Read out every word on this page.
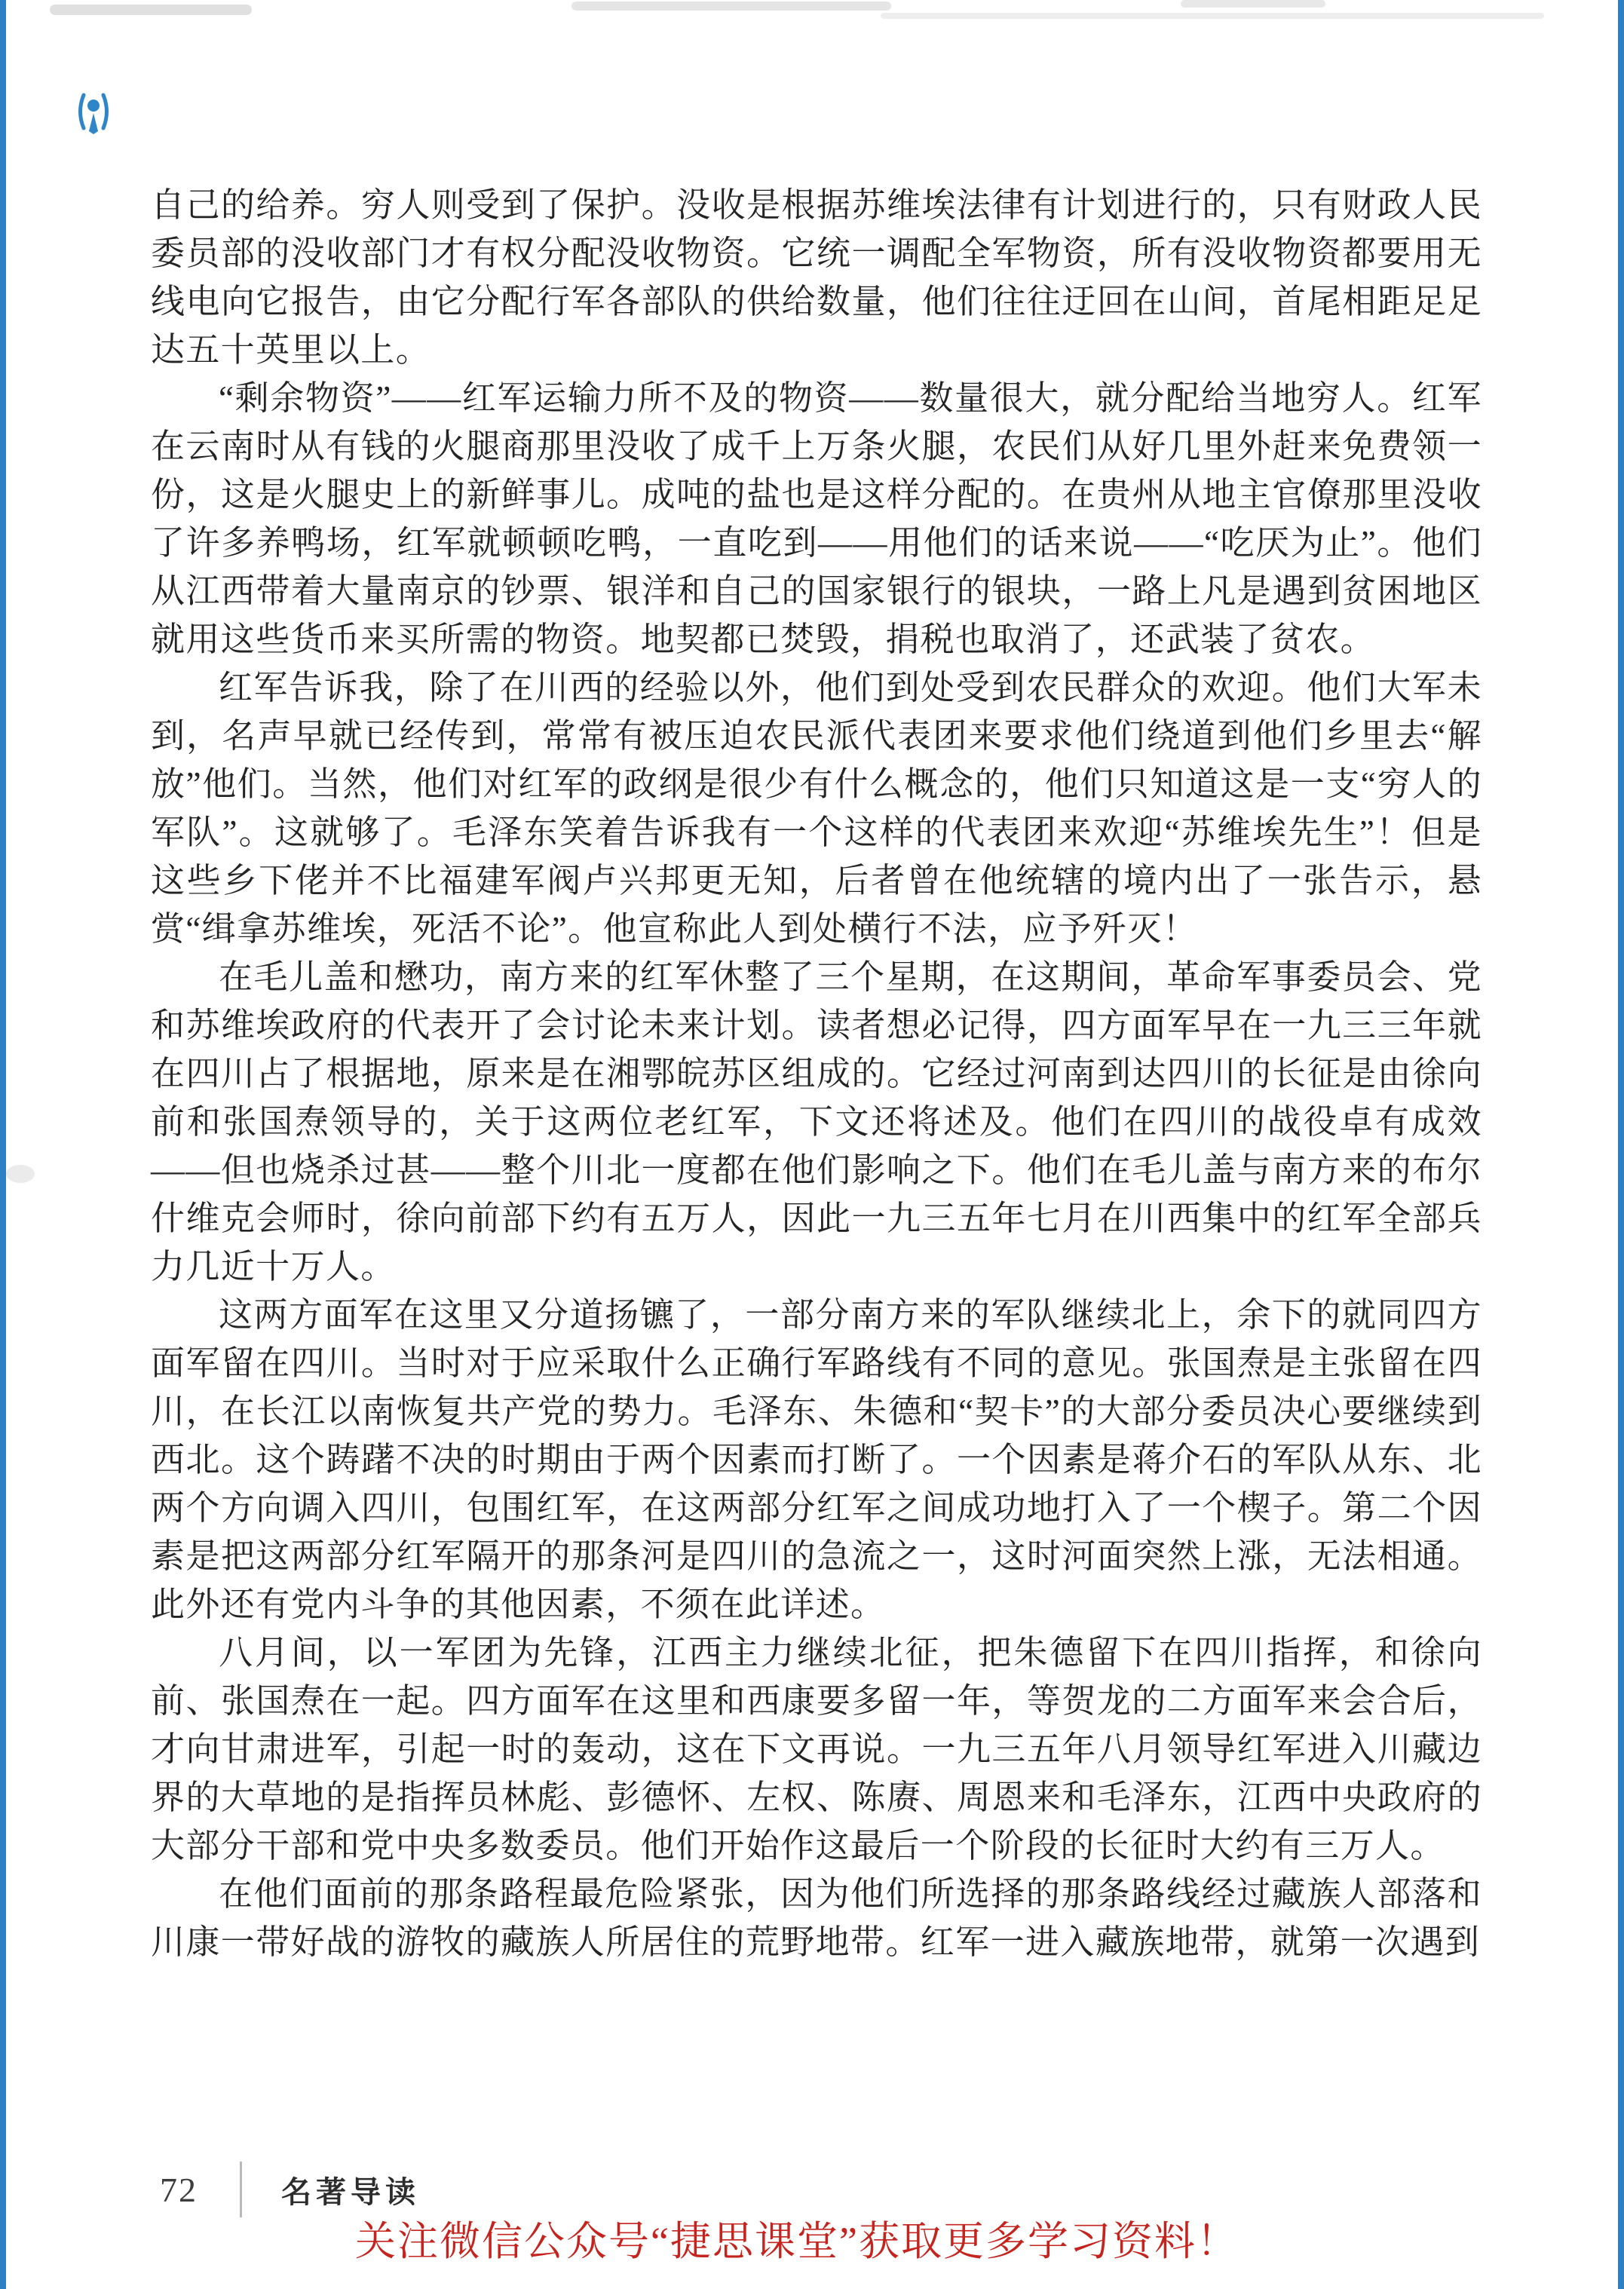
自己的给养。穷人则受到了保护。没收是根据苏维埃法律有计划进行的，只有财政人民委员部的没收部门才有权分配没收物资。它统一调配全军物资，所有没收物资都要用无线电向它报告，由它分配行军各部队的供给数量，他们往往迂回在山间，首尾相距足足达五十英里以上。

“剩余物资”——红军运输力所不及的物资——数量很大，就分配给当地穷人。红军在云南时从有钱的火腿商那里没收了成千上万条火腿，农民们从好几里外赶来免费领一份，这是火腿史上的新鲜事儿。成吨的盐也是这样分配的。在贵州从地主官僚那里没收了许多养鸭场，红军就顿顿吃鸭，一直吃到——用他们的话来说——“吃厌为止”。他们从江西带着大量南京的钞票、银洋和自己的国家银行的银块，一路上凡是遇到贫困地区就用这些货币来买所需的物资。地契都已焚毁，捐税也取消了，还武装了贫农。

红军告诉我，除了在川西的经验以外，他们到处受到农民群众的欢迎。他们大军未到，名声早就已经传到，常常有被压迫农民派代表团来要求他们绕道到他们乡里去“解放”他们。当然，他们对红军的政纲是很少有什么概念的，他们只知道这是一支“穷人的军队”。这就够了。毛泽东笑着告诉我有一个这样的代表团来欢迎“苏维埃先生”！但是这些乡下佬并不比福建军阀卢兴邦更无知，后者曾在他统辖的境内出了一张告示，悬赏“缉拿苏维埃，死活不论”。他宣称此人到处横行不法，应予歼灭！

在毛儿盖和懋功，南方来的红军休整了三个星期，在这期间，革命军事委员会、党和苏维埃政府的代表开了会讨论未来计划。读者想必记得，四方面军早在一九三三年就在四川占了根据地，原来是在湘鄂皖苏区组成的。它经过河南到达四川的长征是由徐向前和张国焘领导的，关于这两位老红军，下文还将述及。他们在四川的战役卓有成效——但也烧杀过甚——整个川北一度都在他们影响之下。他们在毛儿盖与南方来的布尔什维克会师时，徐向前部下约有五万人，因此一九三五年七月在川西集中的红军全部兵力几近十万人。

这两方面军在这里又分道扬镳了，一部分南方来的军队继续北上，余下的就同四方面军留在四川。当时对于应采取什么正确行军路线有不同的意见。张国焘是主张留在四川，在长江以南恢复共产党的势力。毛泽东、朱德和“契卡”的大部分委员决心要继续到西北。这个踌躇不决的时期由于两个因素而打断了。一个因素是蒋介石的军队从东、北两个方向调入四川，包围红军，在这两部分红军之间成功地打入了一个楔子。第二个因素是把这两部分红军隔开的那条河是四川的急流之一，这时河面突然上涨，无法相通。此外还有党内斗争的其他因素，不须在此详述。

八月间，以一军团为先锋，江西主力继续北征，把朱德留下在四川指挥，和徐向前、张国焘在一起。四方面军在这里和西康要多留一年，等贺龙的二方面军来会合后，才向甘肃进军，引起一时的轰动，这在下文再说。一九三五年八月领导红军进入川藏边界的大草地的是指挥员林彪、彭德怀、左权、陈赓、周恩来和毛泽东，江西中央政府的大部分干部和党中央多数委员。他们开始作这最后一个阶段的长征时大约有三万人。

在他们面前的那条路程最危险紧张，因为他们所选择的那条路线经过藏族人部落和川康一带好战的游牧的藏族人所居住的荒野地带。红军一进入藏族地带，就第一次遇到

72	名著导读
关注微信公众号“捷思课堂”获取更多学习资料！
